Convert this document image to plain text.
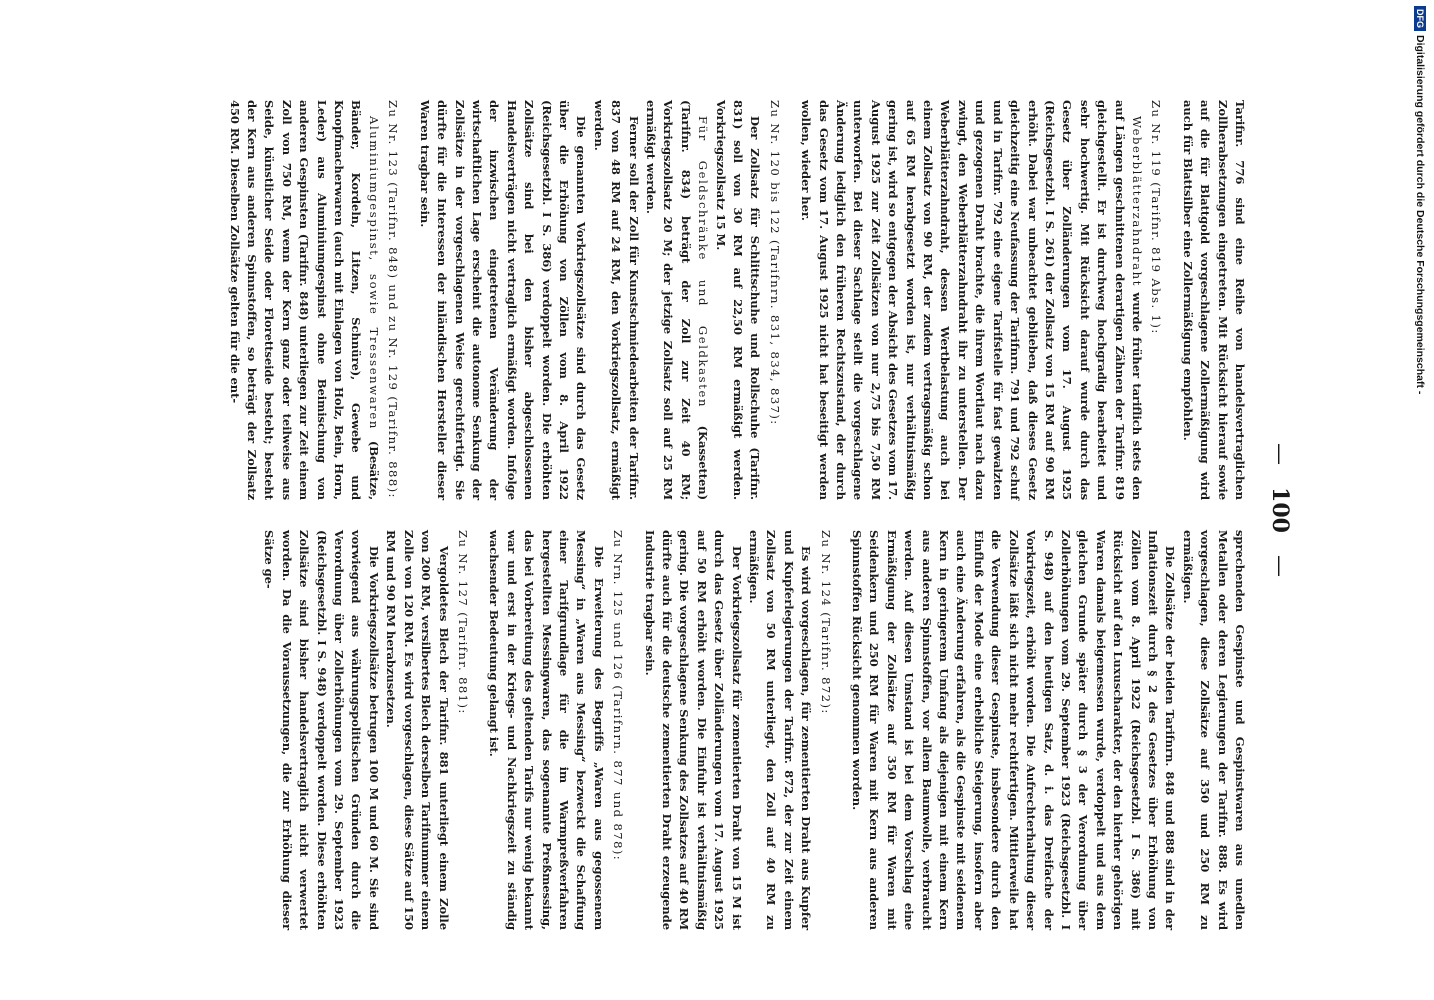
—
100
—

Tarifnr. 776 sind eine Reihe von handelsvertraglichen Zollherabsetzungen eingetreten. Mit Rücksicht hierauf sowie auf die für Blattgold vorgeschlagene Zollermäßigung wird auch für Blattsilber eine Zollermäßigung empfohlen.

Zu Nr. 119 (Tarifnr. 819 Abs. 1):

Weberblätterzahndraht wurde früher tariflich stets den auf Längen geschnittenen derartigen Zähnen der Tarifnr. 819 gleichgestellt. Er ist durchweg hochgradig bearbeitet und sehr hochwertig. Mit Rücksicht darauf wurde durch das Gesetz über Zolländerungen vom 17. August 1925 (Reichsgesetzbl. I S. 261) der Zollsatz von 15 RM auf 90 RM erhöht. Dabei war unbeachtet geblieben, daß dieses Gesetz gleichzeitig eine Neufassung der Tarifnrn. 791 und 792 schuf und in Tarifnr. 792 eine eigene Tarifstelle für fast gewalzten und gezogenen Draht brachte, die ihrem Wortlaut nach dazu zwingt, den Weberblätterzahndraht ihr zu unterstellen. Der Weberblätterzahndraht, dessen Wertbelastung auch bei einem Zollsatz von 90 RM, der zudem vertragsmäßig schon auf 65 RM herabgesetzt worden ist, nur verhältnismäßig gering ist, wird so entgegen der Absicht des Gesetzes vom 17. August 1925 zur Zeit Zollsätzen von nur 2,75 bis 7,50 RM unterworfen. Bei dieser Sachlage stellt die vorgeschlagene Änderung lediglich den früheren Rechtszustand, der durch das Gesetz vom 17. August 1925 nicht hat beseitigt werden wollen, wieder her.

Zu Nr. 120 bis 122 (Tarifnrn. 831, 834, 837):

Der Zollsatz für Schlittschuhe und Rollschuhe (Tarifnr. 831) soll von 30 RM auf 22,50 RM ermäßigt werden. Vorkriegszollsatz 15 M.

Für Geldschränke und Geldkasten (Kassetten) (Tarifnr. 834) beträgt der Zoll zur Zeit 40 RM; Vorkriegszollsatz 20 M; der jetzige Zollsatz soll auf 25 RM ermäßigt werden.

Ferner soll der Zoll für Kunstschmiedearbeiten der Tarifnr. 837 von 48 RM auf 24 RM, den Vorkriegszollsatz, ermäßigt werden.

Die genannten Vorkriegszollsätze sind durch das Gesetz über die Erhöhung von Zöllen vom 8. April 1922 (Reichsgesetzbl. I S. 386) verdoppelt worden. Die erhöhten Zollsätze sind bei den bisher abgeschlossenen Handelsverträgen nicht vertraglich ermäßigt worden. Infolge der inzwischen eingetretenen Veränderung der wirtschaftlichen Lage erscheint die autonome Senkung der Zollsätze in der vorgeschlagenen Weise gerechtfertigt. Sie dürfte für die Interessen der inländischen Hersteller dieser Waren tragbar sein.

Zu Nr. 123 (Tarifnr. 848) und zu Nr. 129 (Tarifnr. 888):

Aluminiumgespinst, sowie Tressenwaren (Besätze, Bänder, Kordeln, Litzen, Schnüre), Gewebe und Knopfmacherwaren (auch mit Einlagen von Holz, Bein, Horn, Leder) aus Aluminiumgespinst ohne Beimischung von anderen Gespinsten (Tarifnr. 848) unterliegen zur Zeit einem Zoll von 750 RM, wenn der Kern ganz oder teilweise aus Seide, künstlicher Seide oder Florettseide besteht; besteht der Kern aus anderen Spinnstoffen, so beträgt der Zollsatz 450 RM. Dieselben Zollsätze gelten für die ent-

sprechenden Gespinste und Gespinstwaren aus unedlen Metallen oder deren Legierungen der Tarifnr. 888. Es wird vorgeschlagen, diese Zollsätze auf 350 und 250 RM zu ermäßigen.

Die Zollsätze der beiden Tarifnrn. 848 und 888 sind in der Inflationszeit durch § 2 des Gesetzes über Erhöhung von Zöllen vom 8. April 1922 (Reichsgesetzbl. I S. 386) mit Rücksicht auf den Luxuscharakter, der den hierher gehörigen Waren damals beigemessen wurde, verdoppelt und aus dem gleichen Grunde später durch § 3 der Verordnung über Zollerhöhungen vom 29. September 1923 (Reichsgesetzbl. I S. 948) auf den heutigen Satz, d. i. das Dreifache der Vorkriegszeit, erhöht worden. Die Aufrechterhaltung dieser Zollsätze läßt sich nicht mehr rechtfertigen. Mittlerweile hat die Verwendung dieser Gespinste, insbesondere durch den Einfluß der Mode eine erhebliche Steigerung, insofern aber auch eine Änderung erfahren, als die Gespinste mit seidenem Kern in geringerem Umfang als diejenigen mit einem Kern aus anderen Spinnstoffen, vor allem Baumwolle, verbraucht werden. Auf diesen Umstand ist bei dem Vorschlag eine Ermäßigung der Zollsätze auf 350 RM für Waren mit Seidenkern und 250 RM für Waren mit Kern aus anderen Spinnstoffen Rücksicht genommen worden.

Zu Nr. 124 (Tarifnr. 872):

Es wird vorgeschlagen, für zementierten Draht aus Kupfer und Kupferlegierungen der Tarifnr. 872, der zur Zeit einem Zollsatz von 50 RM unterliegt, den Zoll auf 40 RM zu ermäßigen.

Der Vorkriegszollsatz für zementierten Draht von 15 M ist durch das Gesetz über Zolländerungen vom 17. August 1925 auf 50 RM erhöht worden. Die Einfuhr ist verhältnismäßig gering. Die vorgeschlagene Senkung des Zollsatzes auf 40 RM dürfte auch für die deutsche zementierten Draht erzeugende Industrie tragbar sein.

Zu Nrn. 125 und 126 (Tarifnrn. 877 und 878):

Die Erweiterung des Begriffs „Waren aus gegossenem Messing“ in „Waren aus Messing“ bezweckt die Schaffung einer Tarifgrundlage für die im Warmpreßverfahren hergestellten Messingwaren, das sogenannte Preßmessing, das bei Vorbereitung des geltenden Tarifs nur wenig bekannt war und erst in der Kriegs- und Nachkriegszeit zu ständig wachsender Bedeutung gelangt ist.

Zu Nr. 127 (Tarifnr. 881):

Vergoldetes Blech der Tarifnr. 881 unterliegt einem Zolle von 200 RM, versilbertes Blech derselben Tarifnummer einem Zolle von 120 RM. Es wird vorgeschlagen, diese Sätze auf 150 RM und 90 RM herabzusetzen.

Die Vorkriegszollsätze betrugen 100 M und 60 M. Sie sind vorwiegend aus währungspolitischen Gründen durch die Verordnung über Zollerhöhungen vom 29. September 1923 (Reichsgesetzbl. I S. 948) verdoppelt worden. Diese erhöhten Zollsätze sind bisher handelsvertraglich nicht verwertet worden. Da die Voraussetzungen, die zur Erhöhung dieser Sätze ge-

DFG
Digitalisierung gefördert durch die Deutsche Forschungsgemeinschaft -
